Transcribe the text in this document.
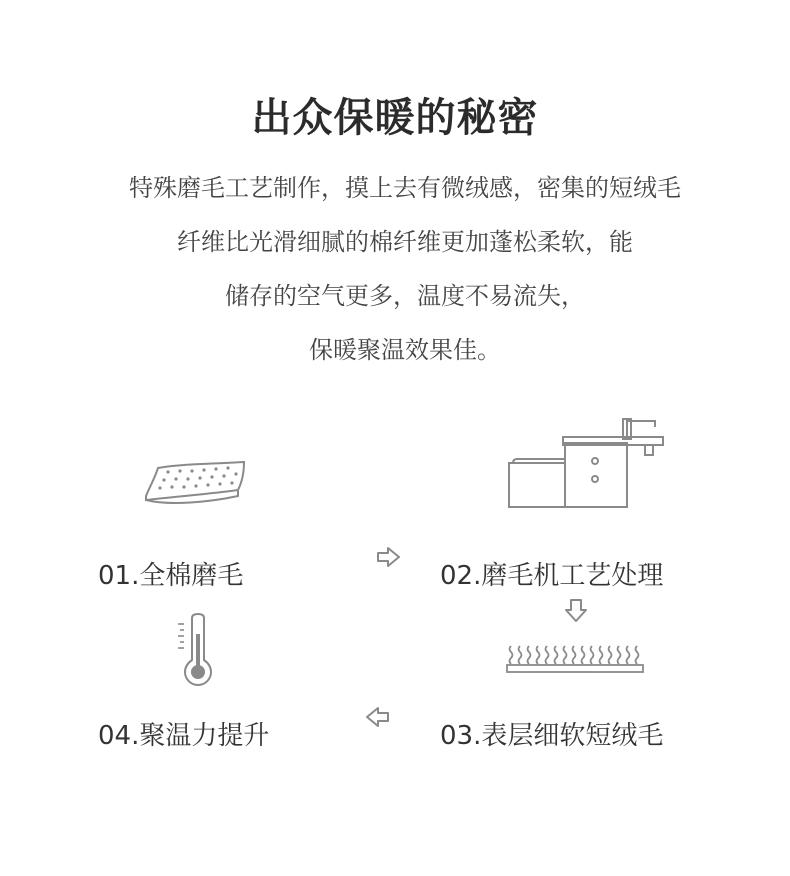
出众保暖的秘密
特殊磨毛工艺制作，摸上去有微绒感，密集的短绒毛
纤维比光滑细腻的棉纤维更加蓬松柔软，能
储存的空气更多，温度不易流失，
保暖聚温效果佳。
01.全棉磨毛	02.磨毛机工艺处理
04.聚温力提升	03.表层细软短绒毛
